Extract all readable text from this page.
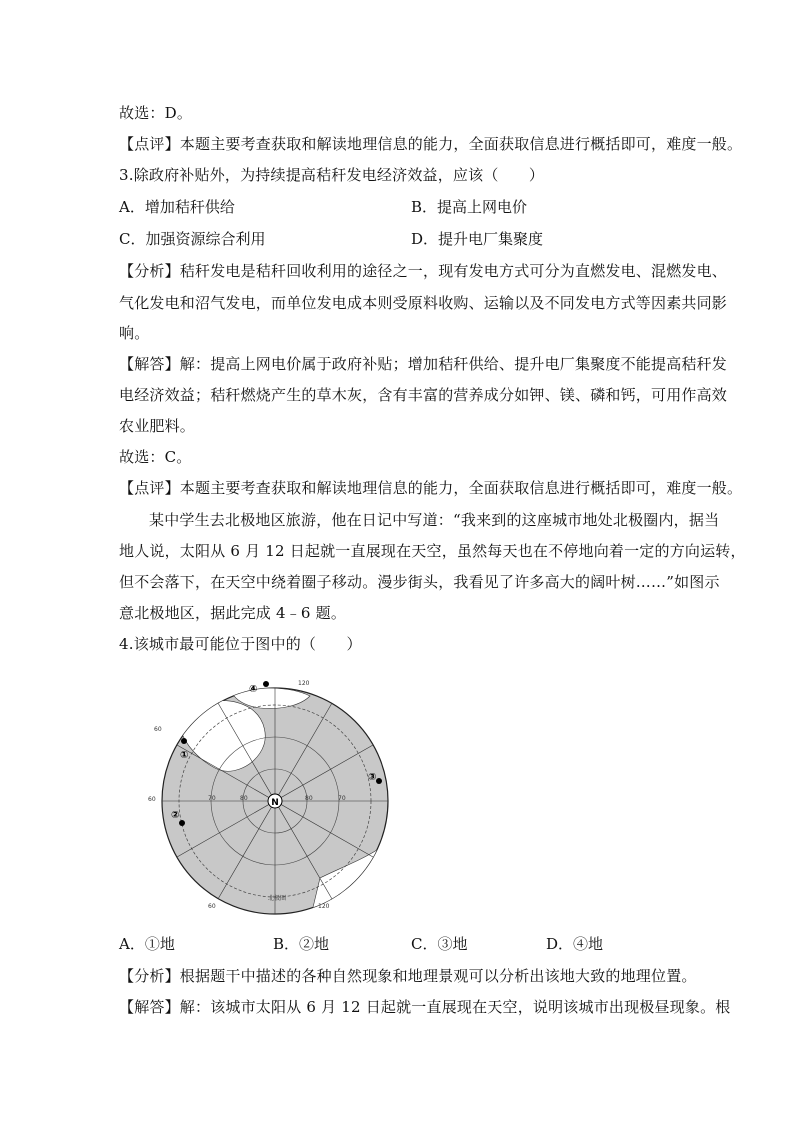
故选：D。
【点评】本题主要考查获取和解读地理信息的能力，全面获取信息进行概括即可，难度一般。
3.除政府补贴外，为持续提高秸秆发电经济效益，应该（　　）
A．增加秸秆供给	B．提高上网电价
C．加强资源综合利用	D．提升电厂集聚度
【分析】秸秆发电是秸秆回收利用的途径之一，现有发电方式可分为直燃发电、混燃发电、
气化发电和沼气发电，而单位发电成本则受原料收购、运输以及不同发电方式等因素共同影
响。
【解答】解：提高上网电价属于政府补贴；增加秸秆供给、提升电厂集聚度不能提高秸秆发
电经济效益；秸秆燃烧产生的草木灰，含有丰富的营养成分如钾、镁、磷和钙，可用作高效
农业肥料。
故选：C。
【点评】本题主要考查获取和解读地理信息的能力，全面获取信息进行概括即可，难度一般。
某中学生去北极地区旅游，他在日记中写道：“我来到的这座城市地处北极圈内，据当
地人说，太阳从 6 月 12 日起就一直展现在天空，虽然每天也在不停地向着一定的方向运转，
但不会落下，在天空中绕着圈子移动。漫步街头，我看见了许多高大的阔叶树……”如图示
意北极地区，据此完成 4﹣6 题。
4.该城市最可能位于图中的（　　）
N
①
②
③
④
120
60
60
120
70	70
60	80	80
北极圈
A．①地	B．②地	C．③地	D．④地
【分析】根据题干中描述的各种自然现象和地理景观可以分析出该地大致的地理位置。
【解答】解：该城市太阳从 6 月 12 日起就一直展现在天空，说明该城市出现极昼现象。根
